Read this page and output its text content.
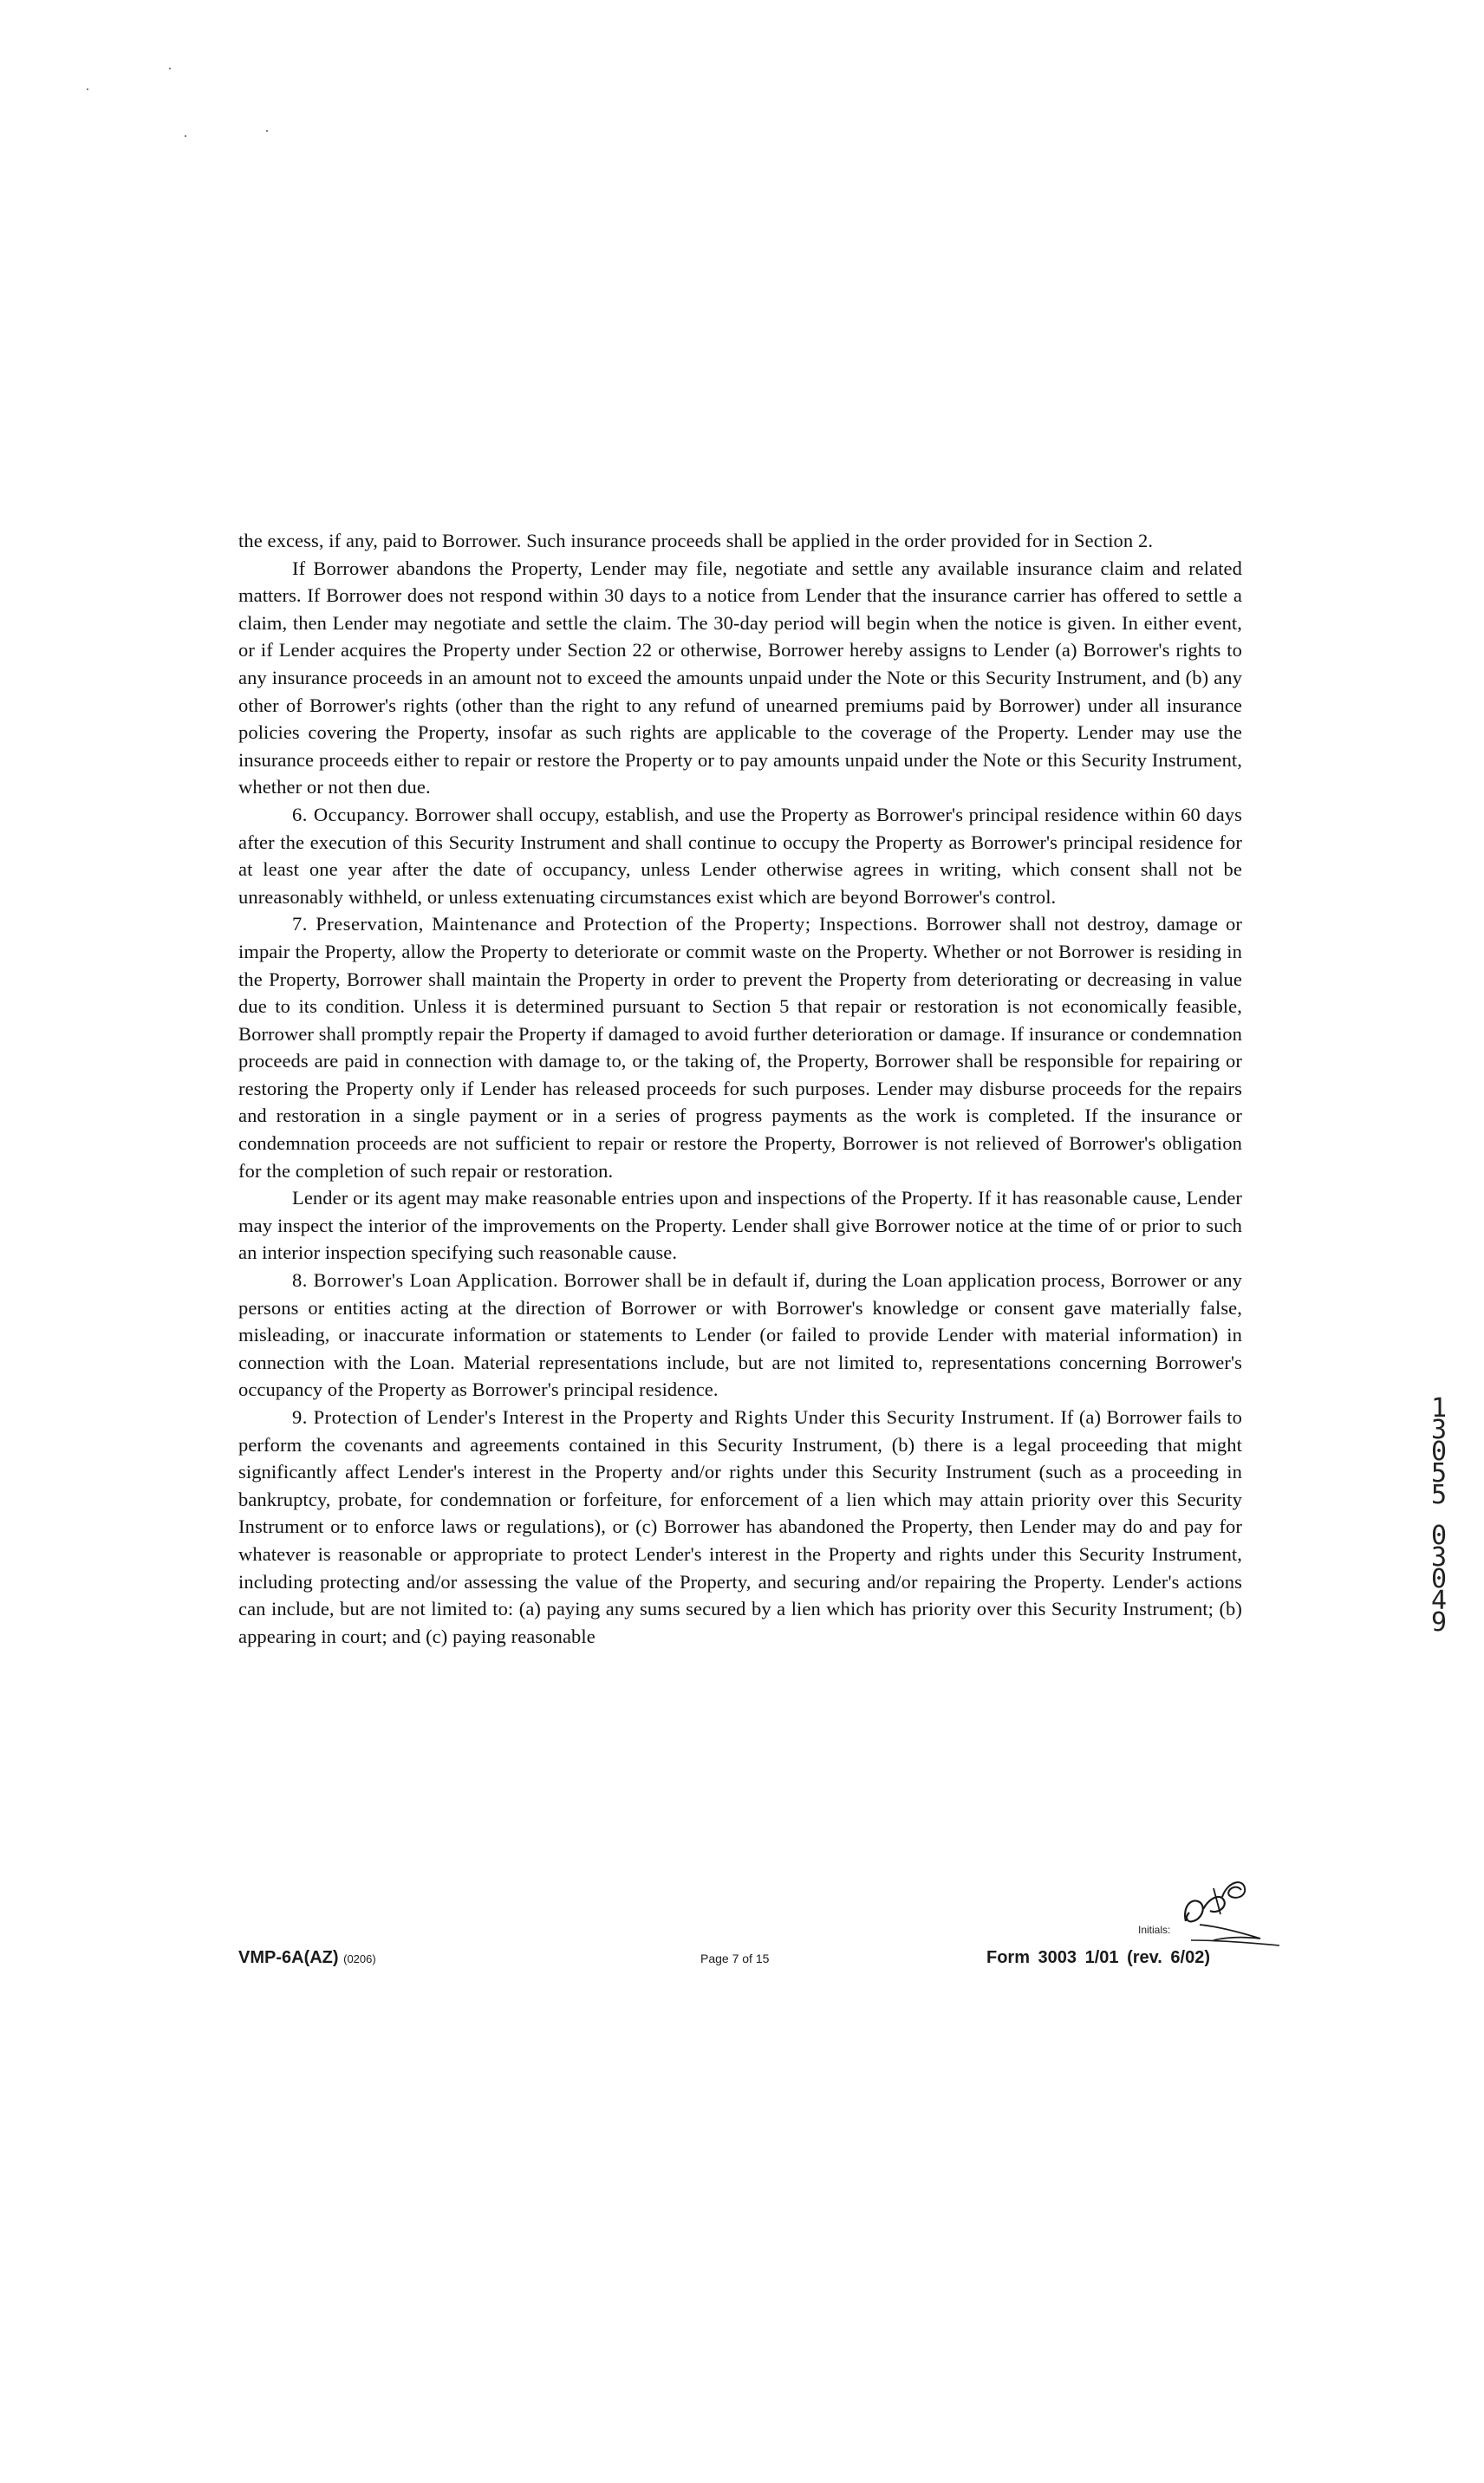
the excess, if any, paid to Borrower. Such insurance proceeds shall be applied in the order provided for in Section 2.

If Borrower abandons the Property, Lender may file, negotiate and settle any available insurance claim and related matters. If Borrower does not respond within 30 days to a notice from Lender that the insurance carrier has offered to settle a claim, then Lender may negotiate and settle the claim. The 30-day period will begin when the notice is given. In either event, or if Lender acquires the Property under Section 22 or otherwise, Borrower hereby assigns to Lender (a) Borrower's rights to any insurance proceeds in an amount not to exceed the amounts unpaid under the Note or this Security Instrument, and (b) any other of Borrower's rights (other than the right to any refund of unearned premiums paid by Borrower) under all insurance policies covering the Property, insofar as such rights are applicable to the coverage of the Property. Lender may use the insurance proceeds either to repair or restore the Property or to pay amounts unpaid under the Note or this Security Instrument, whether or not then due.

6. Occupancy. Borrower shall occupy, establish, and use the Property as Borrower's principal residence within 60 days after the execution of this Security Instrument and shall continue to occupy the Property as Borrower's principal residence for at least one year after the date of occupancy, unless Lender otherwise agrees in writing, which consent shall not be unreasonably withheld, or unless extenuating circumstances exist which are beyond Borrower's control.

7. Preservation, Maintenance and Protection of the Property; Inspections. Borrower shall not destroy, damage or impair the Property, allow the Property to deteriorate or commit waste on the Property. Whether or not Borrower is residing in the Property, Borrower shall maintain the Property in order to prevent the Property from deteriorating or decreasing in value due to its condition. Unless it is determined pursuant to Section 5 that repair or restoration is not economically feasible, Borrower shall promptly repair the Property if damaged to avoid further deterioration or damage. If insurance or condemnation proceeds are paid in connection with damage to, or the taking of, the Property, Borrower shall be responsible for repairing or restoring the Property only if Lender has released proceeds for such purposes. Lender may disburse proceeds for the repairs and restoration in a single payment or in a series of progress payments as the work is completed. If the insurance or condemnation proceeds are not sufficient to repair or restore the Property, Borrower is not relieved of Borrower's obligation for the completion of such repair or restoration.

Lender or its agent may make reasonable entries upon and inspections of the Property. If it has reasonable cause, Lender may inspect the interior of the improvements on the Property. Lender shall give Borrower notice at the time of or prior to such an interior inspection specifying such reasonable cause.

8. Borrower's Loan Application. Borrower shall be in default if, during the Loan application process, Borrower or any persons or entities acting at the direction of Borrower or with Borrower's knowledge or consent gave materially false, misleading, or inaccurate information or statements to Lender (or failed to provide Lender with material information) in connection with the Loan. Material representations include, but are not limited to, representations concerning Borrower's occupancy of the Property as Borrower's principal residence.

9. Protection of Lender's Interest in the Property and Rights Under this Security Instrument. If (a) Borrower fails to perform the covenants and agreements contained in this Security Instrument, (b) there is a legal proceeding that might significantly affect Lender's interest in the Property and/or rights under this Security Instrument (such as a proceeding in bankruptcy, probate, for condemnation or forfeiture, for enforcement of a lien which may attain priority over this Security Instrument or to enforce laws or regulations), or (c) Borrower has abandoned the Property, then Lender may do and pay for whatever is reasonable or appropriate to protect Lender's interest in the Property and rights under this Security Instrument, including protecting and/or assessing the value of the Property, and securing and/or repairing the Property. Lender's actions can include, but are not limited to: (a) paying any sums secured by a lien which has priority over this Security Instrument; (b) appearing in court; and (c) paying reasonable

1
3
0
5
5
0
3
0
4
9
Initials:
VMP-6A(AZ) (0206)	Page 7 of 15	Form 3003 1/01 (rev. 6/02)
